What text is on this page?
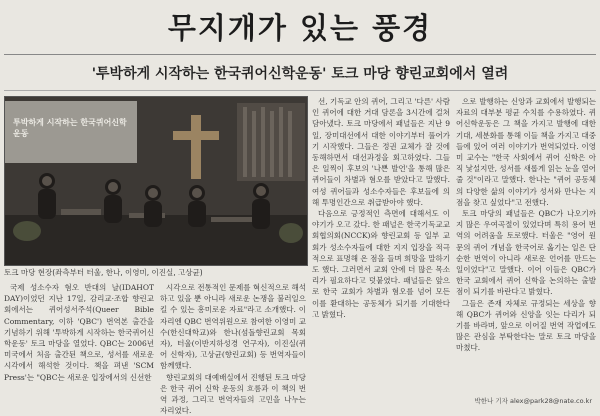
무지개가 있는 풍경
'투박하게 시작하는 한국퀴어신학운동' 토크 마당 향린교회에서 열려
투박하게 시작하는 한국퀴어신학운동

토크 마당 현장(좌측부터 터울, 한나, 이영미, 이진실, 고상균)

국제 성소수자 혐오 반대의 날(IDAHOT DAY)이었던 지난 17일, 감리교·조합 향린교회에서는 퀴어성서주석(Queer Bible Commentary, 이하 'QBC') 번역본 출간을 기념하기 위해 '투박하게 시작하는 한국퀴어신학운동' 토크 마당을 열었다. QBC는 2006년 미국에서 처음 출간된 책으로, 성서를 새로운 시각에서 해석한 것이다. 책을 펴낸 'SCM Press'는 "QBC는 새로운 입장에서의 신선한

시각으로 전통적인 문제를 혁신적으로 해석하고 있을 뿐 아니라 새로운 논쟁을 불러일으킬 수 있는 흥미로운 자료"라고 소개했다. 이 자리엔 QBC 번역위원으로 참여한 이영미 교수(한신대학교)와 한나(섬돌향린교회 목회자), 터울(이반지하성경 연구자), 이진실(퀴어 신학자), 고상균(향린교회) 등 번역자들이 함께했다.

향린교회의 대예배실에서 진행된 토크 마당은 한국 퀴어 신학 운동의 흐름과 이 책의 번역 과정, 그리고 번역자들의 고민을 나누는 자리였다.

선, 기독교 안의 퀴어, 그리고 '다른' 사람인 퀴어에 대한 거대 담론을 3시간에 걸쳐 담아냈다. 토크 마당에서 패널들은 지난 9일, 장미대선에서 대한 이야기부터 풀어가기 시작했다. 그들은 정권 교체가 잘 것에 동해하면서 대선과정을 회고하였다. 그들은 일찍이 후보의 '나쁜 발언'을 통해 많은 퀴어들이 차별과 혐오를 받았다고 말했다. 여성 퀴어들과 성소수자들은 후보들에 의해 투명인간으로 취급받아야 했다.

다음으로 긍정적인 측면에 대해서도 이야기가 오고 갔다. 한 패널은 한국기독교교회협의회(NCCK)와 향린교회 등 일부 교회가 성소수자들에 대한 지지 입장을 적극적으로 표명해 온 점을 들며 희망을 말하기도 했다. 그러면서 교회 안에 더 많은 목소리가 필요하다고 덧붙였다. 패널들은 앞으로 한국 교회가 차별과 혐오를 넘어 모든 이를 환대하는 공동체가 되기를 기대한다고 밝혔다.

으로 발행하는 신앙과 교회에서 발행되는 자료의 대부분 평균 수치를 수용하였다. 퀴어신학운동은 그 책을 가지고 발행에 대한 기대, 세분화를 통해 이들 책을 가지고 대중들에 있어 여러 이야기가 번역되었다. 이영미 교수는 "한국 사회에서 퀴어 신학은 아직 낯설지만, 성서를 새롭게 읽는 눈을 열어줄 것"이라고 말했다. 한나는 "퀴어 공동체의 다양한 삶의 이야기가 성서와 만나는 지점을 찾고 싶었다"고 전했다.

토크 마당의 패널들은 QBC가 나오기까지 많은 우여곡절이 있었다며 특히 용어 번역의 어려움을 토로했다. 터울은 "영어 원문의 퀴어 개념을 한국어로 옮기는 일은 단순한 번역이 아니라 새로운 언어를 만드는 일이었다"고 말했다. 이어 이들은 QBC가 한국 교회에서 퀴어 신학을 논의하는 출발점이 되기를 바란다고 밝혔다.

그들은 존재 자체로 규정되는 세상을 향해 QBC가 퀴어와 신앙을 잇는 다리가 되기를 바라며, 앞으로 이어질 번역 작업에도 많은 관심을 부탁한다는 말로 토크 마당을 마쳤다.

박한나 기자 alex@park28@nate.co.kr
